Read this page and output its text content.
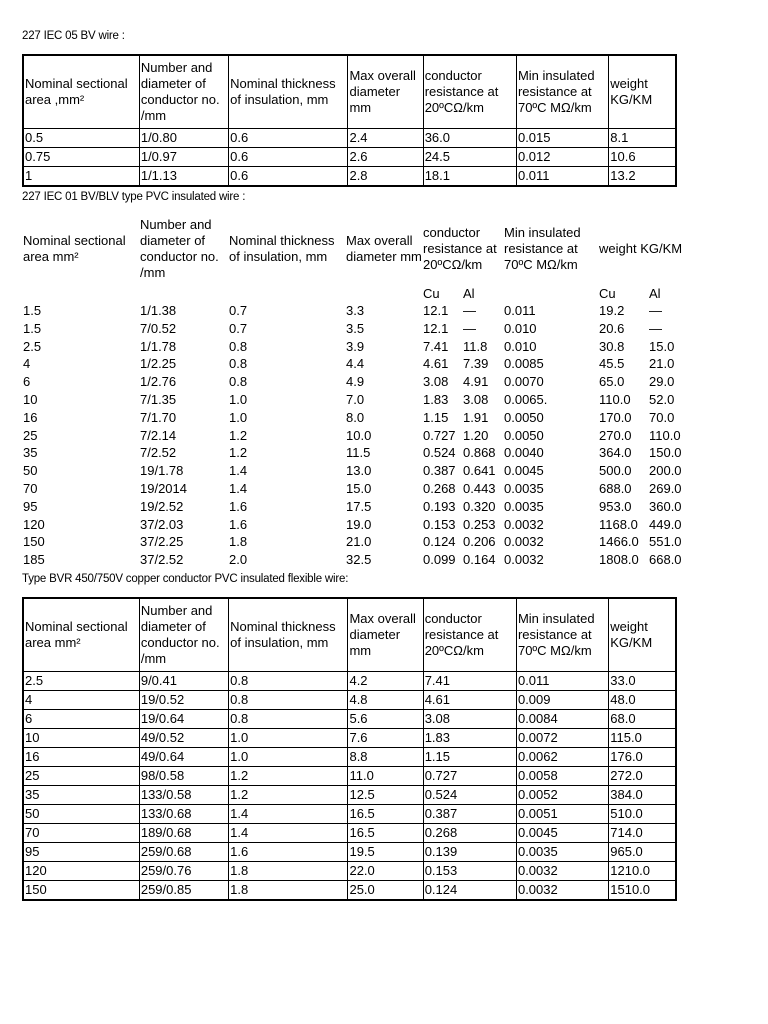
227 IEC 05 BV wire :
Nominal sectional area ,mm²	Number and diameter of conductor no. /mm	Nominal thickness of insulation, mm	Max overall diameter mm	conductor resistance at 20ºCΩ/km	Min insulated resistance at 70ºC MΩ/km	weight KG/KM
0.5	1/0.80	0.6	2.4	36.0	0.015	8.1
0.75	1/0.97	0.6	2.6	24.5	0.012	10.6
1	1/1.13	0.6	2.8	18.1	0.011	13.2
227 IEC 01 BV/BLV type PVC insulated wire :
Nominal sectional area mm²	Number and diameter of conductor no. /mm	Nominal thickness of insulation, mm	Max overall diameter mm	conductor resistance at 20ºCΩ/km		Min insulated resistance at 70ºC MΩ/km	weight KG/KM	
				Cu	Al		Cu	Al
1.5	1/1.38	0.7	3.3	12.1	—	0.011	19.2	—
1.5	7/0.52	0.7	3.5	12.1	—	0.010	20.6	—
2.5	1/1.78	0.8	3.9	7.41	11.8	0.010	30.8	15.0
4	1/2.25	0.8	4.4	4.61	7.39	0.0085	45.5	21.0
6	1/2.76	0.8	4.9	3.08	4.91	0.0070	65.0	29.0
10	7/1.35	1.0	7.0	1.83	3.08	0.0065.	110.0	52.0
16	7/1.70	1.0	8.0	1.15	1.91	0.0050	170.0	70.0
25	7/2.14	1.2	10.0	0.727	1.20	0.0050	270.0	110.0
35	7/2.52	1.2	11.5	0.524	0.868	0.0040	364.0	150.0
50	19/1.78	1.4	13.0	0.387	0.641	0.0045	500.0	200.0
70	19/2014	1.4	15.0	0.268	0.443	0.0035	688.0	269.0
95	19/2.52	1.6	17.5	0.193	0.320	0.0035	953.0	360.0
120	37/2.03	1.6	19.0	0.153	0.253	0.0032	1168.0	449.0
150	37/2.25	1.8	21.0	0.124	0.206	0.0032	1466.0	551.0
185	37/2.52	2.0	32.5	0.099	0.164	0.0032	1808.0	668.0
Type BVR 450/750V copper conductor PVC insulated flexible wire:
Nominal sectional area mm²	Number and diameter of conductor no. /mm	Nominal thickness of insulation, mm	Max overall diameter mm	conductor resistance at 20ºCΩ/km	Min insulated resistance at 70ºC MΩ/km	weight KG/KM
2.5	9/0.41	0.8	4.2	7.41	0.011	33.0
4	19/0.52	0.8	4.8	4.61	0.009	48.0
6	19/0.64	0.8	5.6	3.08	0.0084	68.0
10	49/0.52	1.0	7.6	1.83	0.0072	115.0
16	49/0.64	1.0	8.8	1.15	0.0062	176.0
25	98/0.58	1.2	11.0	0.727	0.0058	272.0
35	133/0.58	1.2	12.5	0.524	0.0052	384.0
50	133/0.68	1.4	16.5	0.387	0.0051	510.0
70	189/0.68	1.4	16.5	0.268	0.0045	714.0
95	259/0.68	1.6	19.5	0.139	0.0035	965.0
120	259/0.76	1.8	22.0	0.153	0.0032	1210.0
150	259/0.85	1.8	25.0	0.124	0.0032	1510.0
